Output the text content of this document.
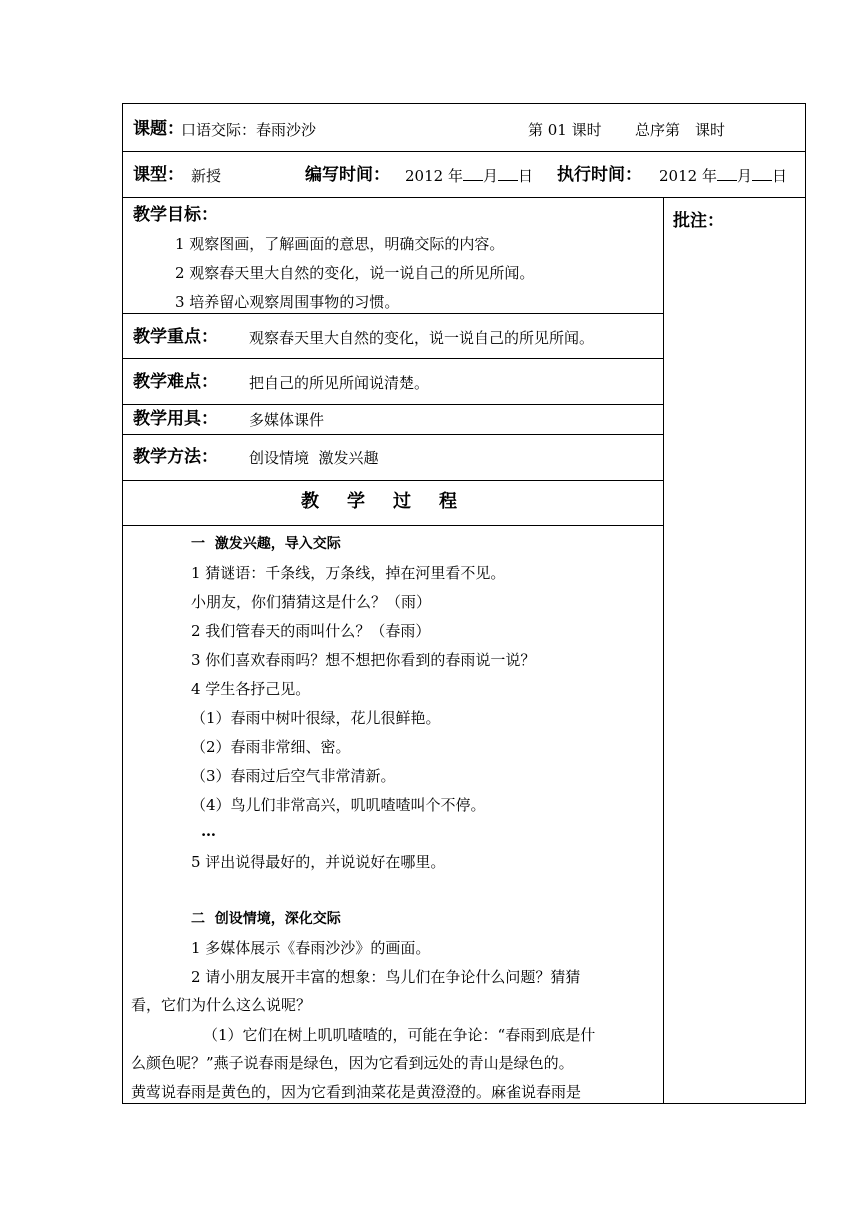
课题：
口语交际：春雨沙沙	第 01 课时 总序第　课时
课型： 新授	编写时间： 2012 年 月 日 执行时间： 2012 年 月 日
教学目标：
1 观察图画，了解画面的意思，明确交际的内容。
2 观察春天里大自然的变化，说一说自己的所见所闻。
3 培养留心观察周围事物的习惯。
批注：
教学重点： 观察春天里大自然的变化，说一说自己的所见所闻。
教学难点： 把自己的所见所闻说清楚。
教学用具： 多媒体课件
教学方法： 创设情境  激发兴趣
教学过程
一  激发兴趣，导入交际
1 猜谜语：千条线，万条线，掉在河里看不见。
小朋友，你们猜猜这是什么？（雨）
2 我们管春天的雨叫什么？（春雨）
3 你们喜欢春雨吗？想不想把你看到的春雨说一说？
4 学生各抒己见。
（1）春雨中树叶很绿，花儿很鲜艳。
（2）春雨非常细、密。
（3）春雨过后空气非常清新。
（4）鸟儿们非常高兴，叽叽喳喳叫个不停。
…
5 评出说得最好的，并说说好在哪里。
二  创设情境，深化交际
1 多媒体展示《春雨沙沙》的画面。
2 请小朋友展开丰富的想象：鸟儿们在争论什么问题？猜猜
看，它们为什么这么说呢？
（1）它们在树上叽叽喳喳的，可能在争论：“春雨到底是什
么颜色呢？”燕子说春雨是绿色，因为它看到远处的青山是绿色的。
黄莺说春雨是黄色的，因为它看到油菜花是黄澄澄的。麻雀说春雨是
